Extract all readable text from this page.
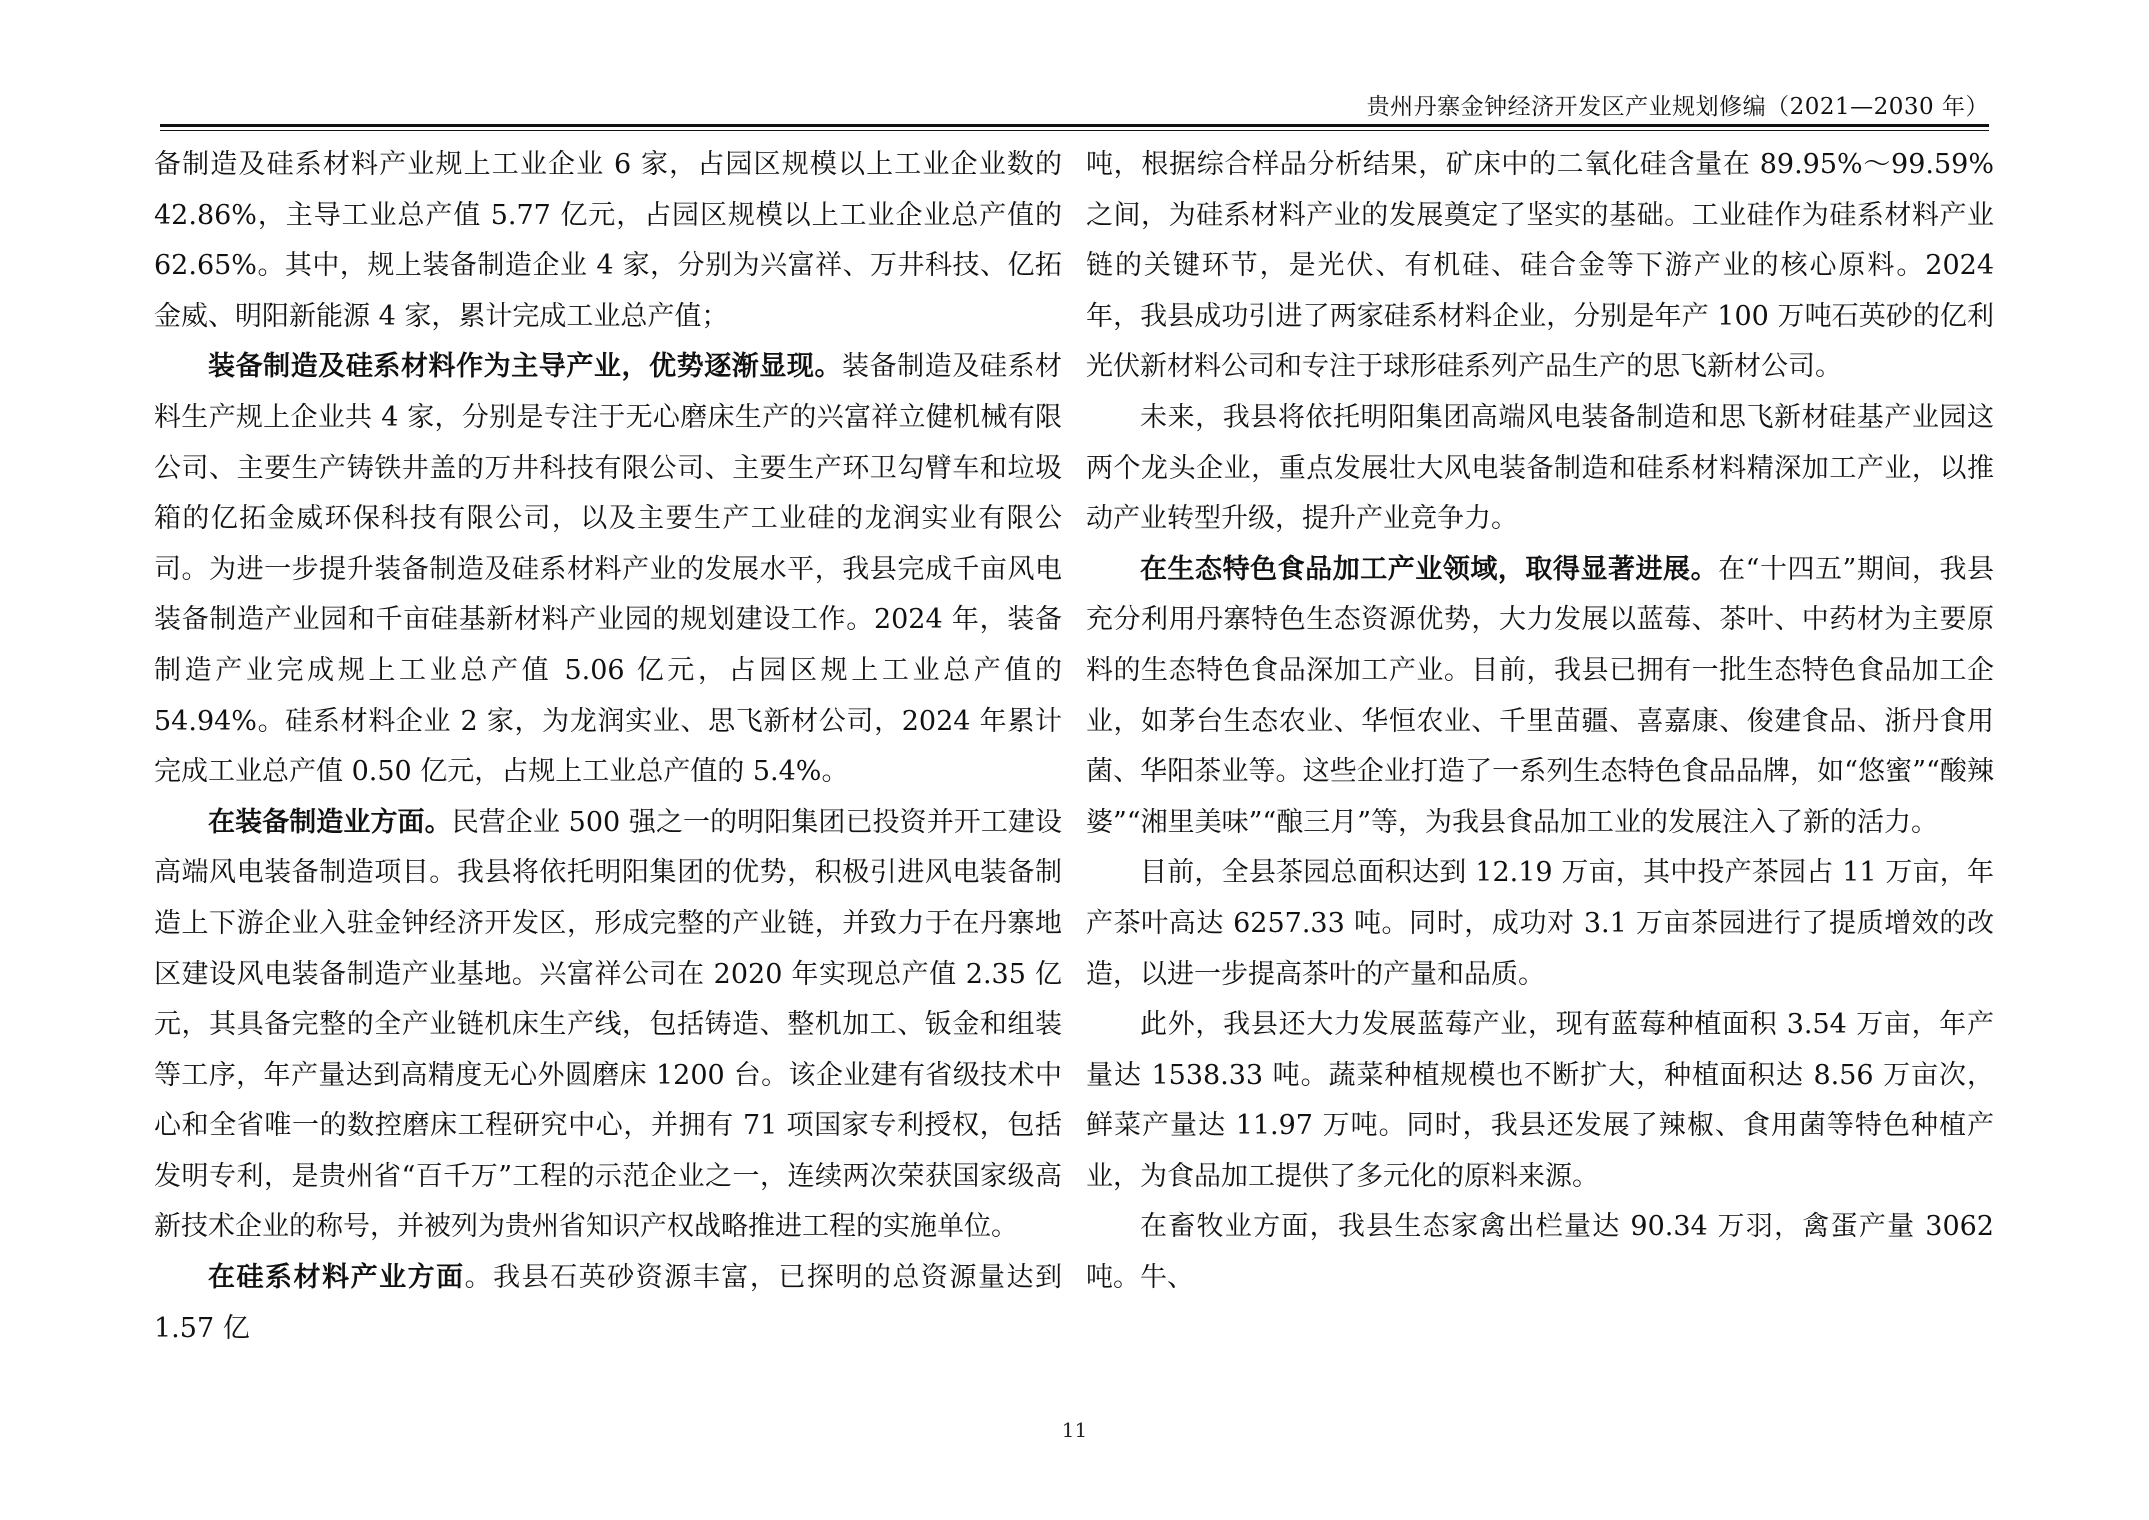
贵州丹寨金钟经济开发区产业规划修编（2021—2030 年）

备制造及硅系材料产业规上工业企业 6 家，占园区规模以上工业企业数的 42.86%，主导工业总产值 5.77 亿元，占园区规模以上工业企业总产值的 62.65%。其中，规上装备制造企业 4 家，分别为兴富祥、万井科技、亿拓金威、明阳新能源 4 家，累计完成工业总产值；

装备制造及硅系材料作为主导产业，优势逐渐显现。装备制造及硅系材料生产规上企业共 4 家，分别是专注于无心磨床生产的兴富祥立健机械有限公司、主要生产铸铁井盖的万井科技有限公司、主要生产环卫勾臂车和垃圾箱的亿拓金威环保科技有限公司，以及主要生产工业硅的龙润实业有限公司。为进一步提升装备制造及硅系材料产业的发展水平，我县完成千亩风电装备制造产业园和千亩硅基新材料产业园的规划建设工作。2024 年，装备制造产业完成规上工业总产值 5.06 亿元，占园区规上工业总产值的 54.94%。硅系材料企业 2 家，为龙润实业、思飞新材公司，2024 年累计完成工业总产值 0.50 亿元，占规上工业总产值的 5.4%。

在装备制造业方面。民营企业 500 强之一的明阳集团已投资并开工建设高端风电装备制造项目。我县将依托明阳集团的优势，积极引进风电装备制造上下游企业入驻金钟经济开发区，形成完整的产业链，并致力于在丹寨地区建设风电装备制造产业基地。兴富祥公司在 2020 年实现总产值 2.35 亿元，其具备完整的全产业链机床生产线，包括铸造、整机加工、钣金和组装等工序，年产量达到高精度无心外圆磨床 1200 台。该企业建有省级技术中心和全省唯一的数控磨床工程研究中心，并拥有 71 项国家专利授权，包括发明专利，是贵州省“百千万”工程的示范企业之一，连续两次荣获国家级高新技术企业的称号，并被列为贵州省知识产权战略推进工程的实施单位。

在硅系材料产业方面。我县石英砂资源丰富，已探明的总资源量达到 1.57 亿

吨，根据综合样品分析结果，矿床中的二氧化硅含量在 89.95%～99.59%之间，为硅系材料产业的发展奠定了坚实的基础。工业硅作为硅系材料产业链的关键环节，是光伏、有机硅、硅合金等下游产业的核心原料。2024 年，我县成功引进了两家硅系材料企业，分别是年产 100 万吨石英砂的亿利光伏新材料公司和专注于球形硅系列产品生产的思飞新材公司。

未来，我县将依托明阳集团高端风电装备制造和思飞新材硅基产业园这两个龙头企业，重点发展壮大风电装备制造和硅系材料精深加工产业，以推动产业转型升级，提升产业竞争力。

在生态特色食品加工产业领域，取得显著进展。在“十四五”期间，我县充分利用丹寨特色生态资源优势，大力发展以蓝莓、茶叶、中药材为主要原料的生态特色食品深加工产业。目前，我县已拥有一批生态特色食品加工企业，如茅台生态农业、华恒农业、千里苗疆、喜嘉康、俊建食品、浙丹食用菌、华阳茶业等。这些企业打造了一系列生态特色食品品牌，如“悠蜜”“酸辣婆”“湘里美味”“酿三月”等，为我县食品加工业的发展注入了新的活力。

目前，全县茶园总面积达到 12.19 万亩，其中投产茶园占 11 万亩，年产茶叶高达 6257.33 吨。同时，成功对 3.1 万亩茶园进行了提质增效的改造，以进一步提高茶叶的产量和品质。

此外，我县还大力发展蓝莓产业，现有蓝莓种植面积 3.54 万亩，年产量达 1538.33 吨。蔬菜种植规模也不断扩大，种植面积达 8.56 万亩次，鲜菜产量达 11.97 万吨。同时，我县还发展了辣椒、食用菌等特色种植产业，为食品加工提供了多元化的原料来源。

在畜牧业方面，我县生态家禽出栏量达 90.34 万羽，禽蛋产量 3062 吨。牛、

11
